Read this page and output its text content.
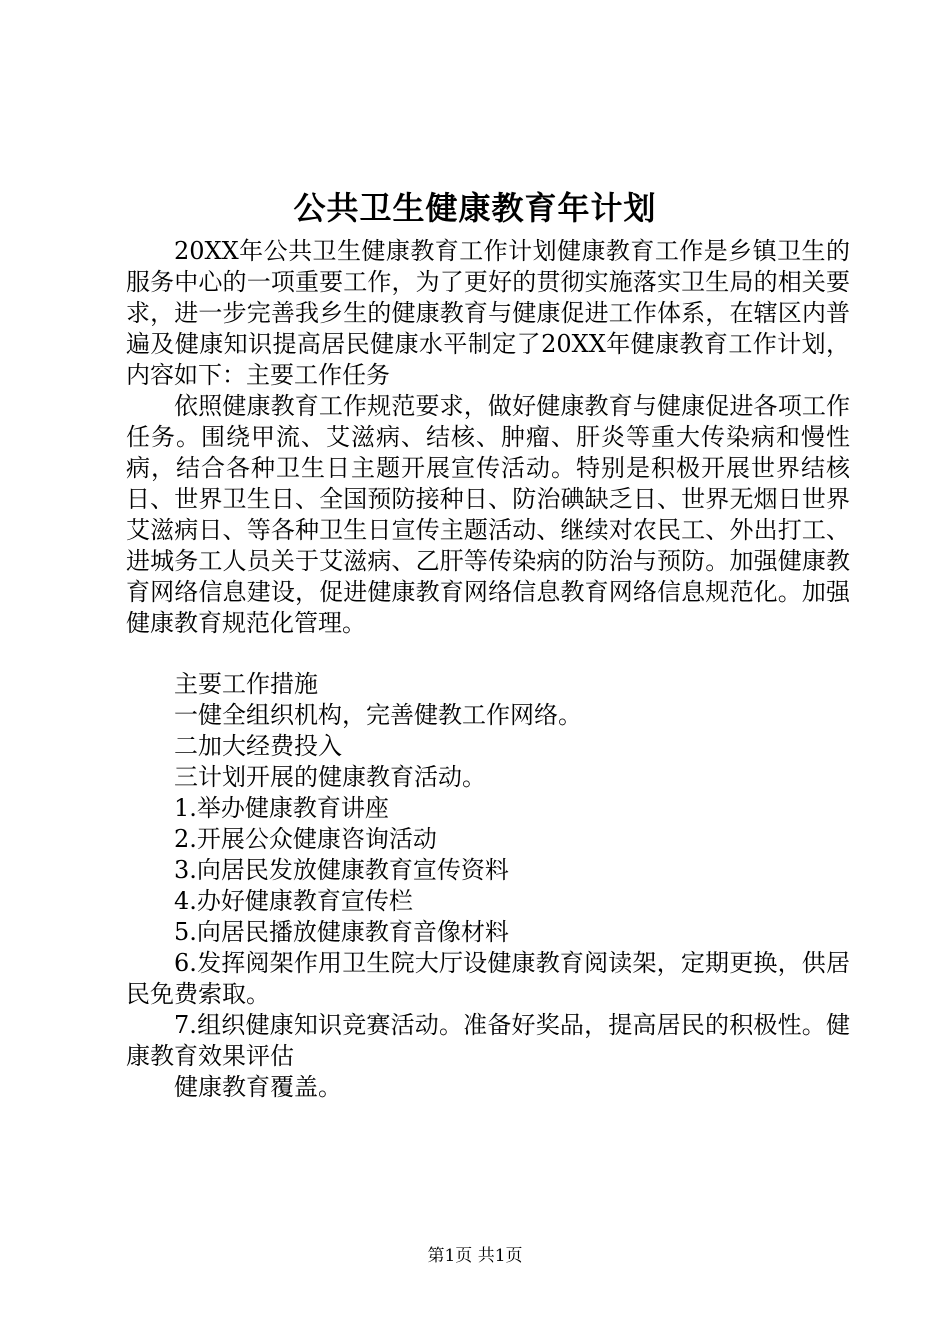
公共卫生健康教育年计划

20XX年公共卫生健康教育工作计划健康教育工作是乡镇卫生的服务中心的一项重要工作，为了更好的贯彻实施落实卫生局的相关要求，进一步完善我乡生的健康教育与健康促进工作体系，在辖区内普遍及健康知识提高居民健康水平制定了20XX年健康教育工作计划，内容如下：主要工作任务

依照健康教育工作规范要求，做好健康教育与健康促进各项工作任务。围绕甲流、艾滋病、结核、肿瘤、肝炎等重大传染病和慢性病，结合各种卫生日主题开展宣传活动。特别是积极开展世界结核日、世界卫生日、全国预防接种日、防治碘缺乏日、世界无烟日世界艾滋病日、等各种卫生日宣传主题活动、继续对农民工、外出打工、进城务工人员关于艾滋病、乙肝等传染病的防治与预防。加强健康教育网络信息建设，促进健康教育网络信息教育网络信息规范化。加强健康教育规范化管理。

主要工作措施

一健全组织机构，完善健教工作网络。

二加大经费投入

三计划开展的健康教育活动。

1.举办健康教育讲座

2.开展公众健康咨询活动

3.向居民发放健康教育宣传资料

4.办好健康教育宣传栏

5.向居民播放健康教育音像材料

6.发挥阅架作用卫生院大厅设健康教育阅读架，定期更换，供居民免费索取。

7.组织健康知识竞赛活动。准备好奖品，提高居民的积极性。健康教育效果评估

健康教育覆盖。

第1页 共1页
